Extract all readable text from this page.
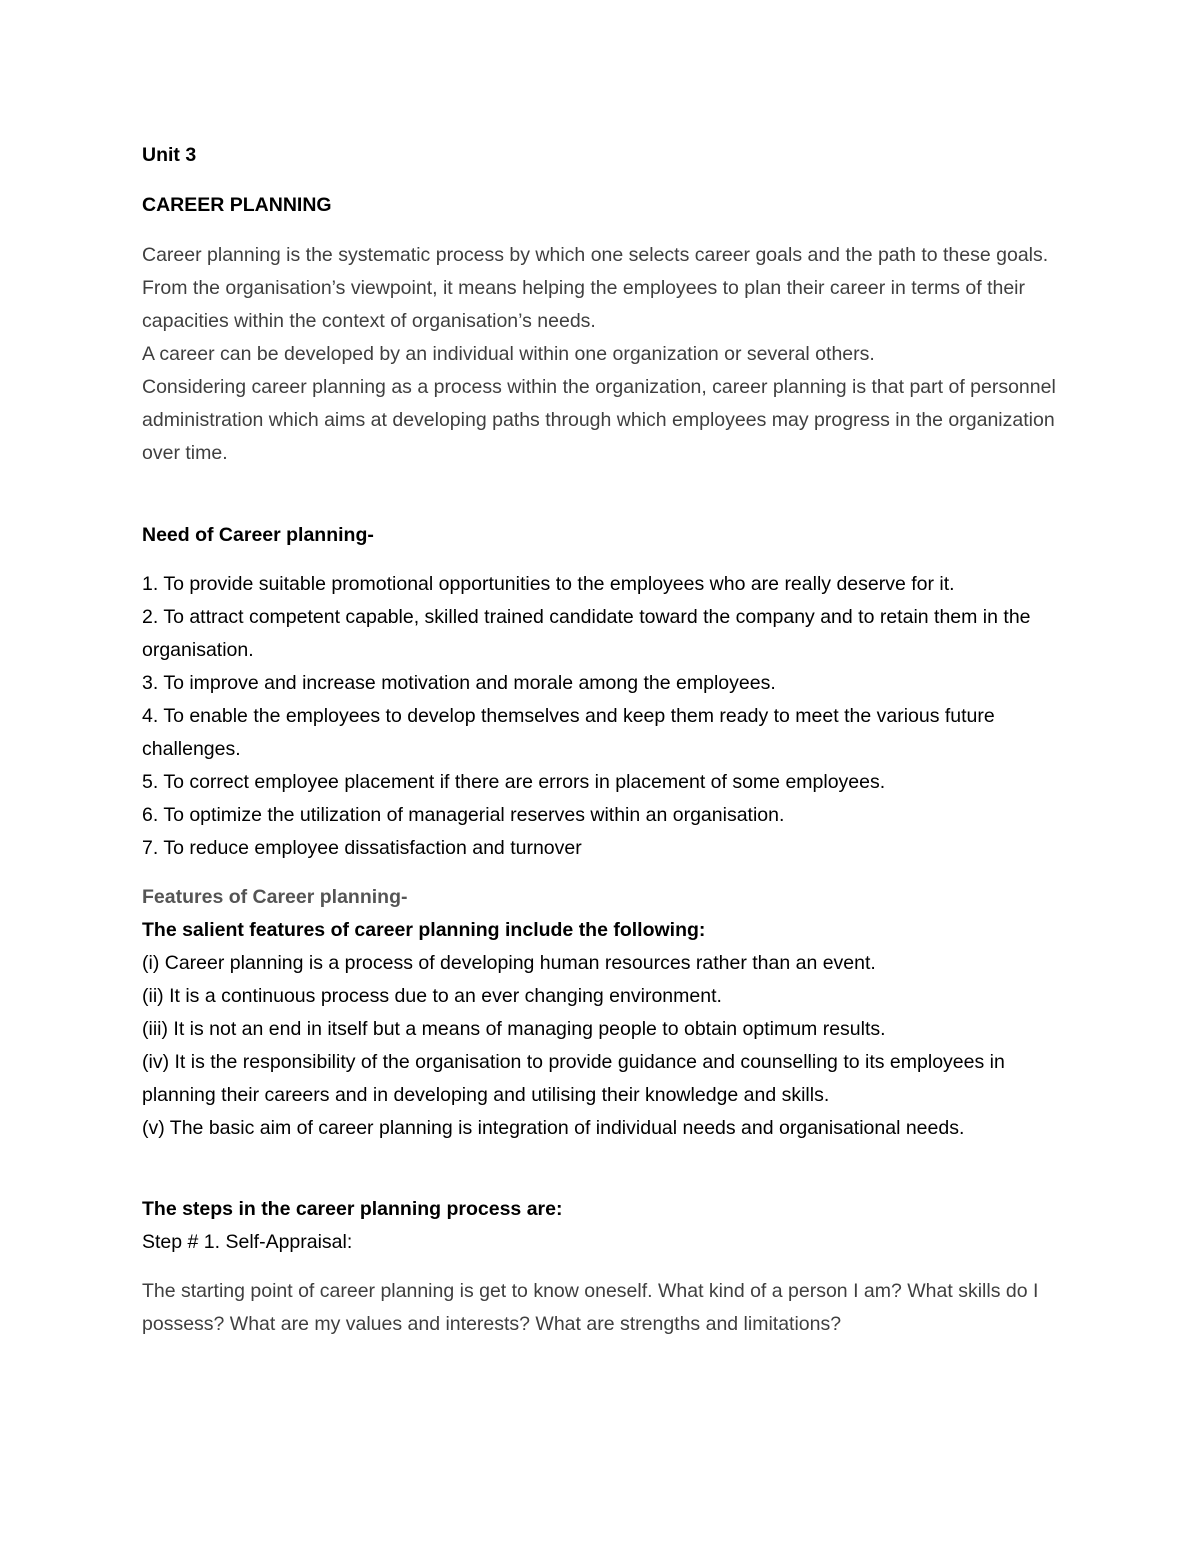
Unit 3

CAREER PLANNING

Career planning is the systematic process by which one selects career goals and the path to these goals.

From the organisation’s viewpoint, it means helping the employees to plan their career in terms of their capacities within the context of organisation’s needs.

A career can be developed by an individual within one organization or several others.

Considering career planning as a process within the organization, career planning is that part of personnel administration which aims at developing paths through which employees may progress in the organization over time.

Need of Career planning-

1. To provide suitable promotional opportunities to the employees who are really deserve for it.

2. To attract competent capable, skilled trained candidate toward the company and to retain them in the organisation.

3. To improve and increase motivation and morale among the employees.

4. To enable the employees to develop themselves and keep them ready to meet the various future challenges.

5. To correct employee placement if there are errors in placement of some employees.

6. To optimize the utilization of managerial reserves within an organisation.

7. To reduce employee dissatisfaction and turnover

Features of Career planning-

The salient features of career planning include the following:

(i) Career planning is a process of developing human resources rather than an event.

(ii) It is a continuous process due to an ever changing environment.

(iii) It is not an end in itself but a means of managing people to obtain optimum results.

(iv) It is the responsibility of the organisation to provide guidance and counselling to its employees in planning their careers and in developing and utilising their knowledge and skills.

(v) The basic aim of career planning is integration of individual needs and organisational needs.

The steps in the career planning process are:

Step # 1. Self-Appraisal:

The starting point of career planning is get to know oneself. What kind of a person I am? What skills do I possess? What are my values and interests? What are strengths and limitations?
